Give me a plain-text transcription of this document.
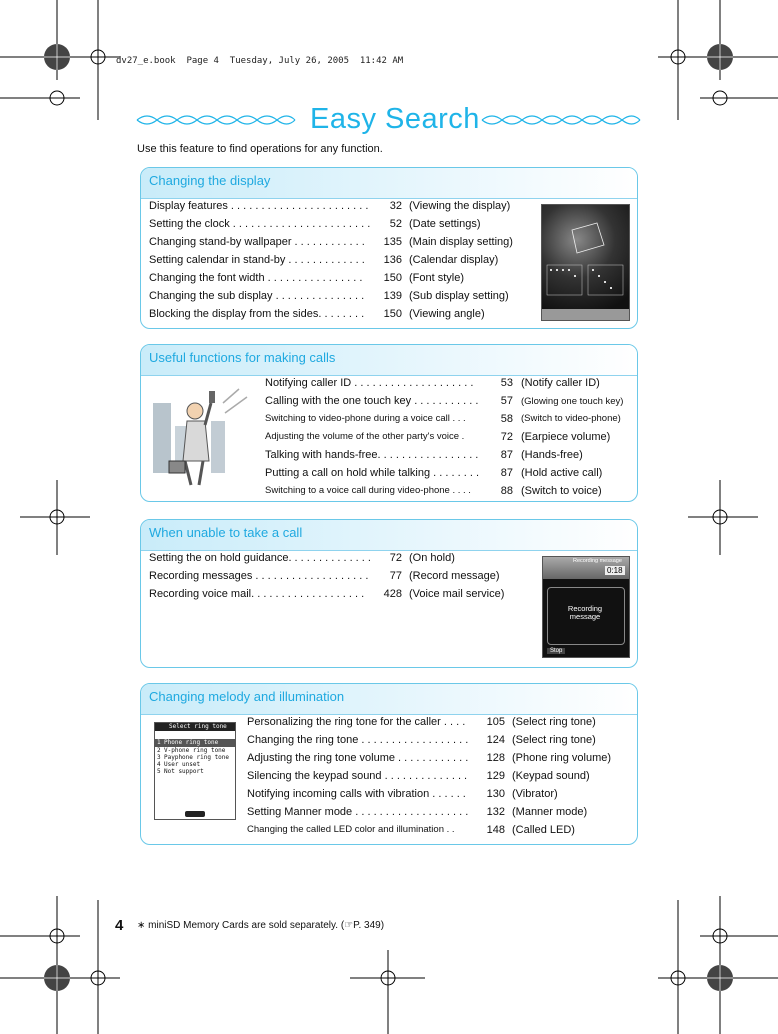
dv27_e.book  Page 4  Tuesday, July 26, 2005  11:42 AM
Easy Search
Use this feature to find operations for any function.
Changing the display
Display features . . . . . . . . . . . . . . . . . . . . . . .	32 (Viewing the display)
Setting the clock . . . . . . . . . . . . . . . . . . . . . . .	52 (Date settings)
Changing stand-by wallpaper . . . . . . . . . . . .	135 (Main display setting)
Setting calendar in stand-by . . . . . . . . . . . . .	136 (Calendar display)
Changing the font width . . . . . . . . . . . . . . . .	150 (Font style)
Changing the sub display . . . . . . . . . . . . . . .	139 (Sub display setting)
Blocking the display from the sides. . . . . . . .	150 (Viewing angle)
Useful functions for making calls
Notifying caller ID . . . . . . . . . . . . . . . . . . . .	53 (Notify caller ID)
Calling with the one touch key . . . . . . . . . . .	57 (Glowing one touch key)
Switching to video-phone during a voice call . . .	58 (Switch to video-phone)
Adjusting the volume of the other party's voice .	72 (Earpiece volume)
Talking with hands-free. . . . . . . . . . . . . . . . .	87 (Hands-free)
Putting a call on hold while talking . . . . . . . .	87 (Hold active call)
Switching to a voice call during video-phone . . . .	88 (Switch to voice)
When unable to take a call
Setting the on hold guidance. . . . . . . . . . . . . .	72 (On hold)
Recording messages . . . . . . . . . . . . . . . . . . .	77 (Record message)
Recording voice mail. . . . . . . . . . . . . . . . . . .	428 (Voice mail service)
Recording message
0:18
Recording message
Stop
Changing melody and illumination
Select ring tone
1 Phone ring tone
2 V-phone ring tone
3 Payphone ring tone
4 User unset
5 Not support
Personalizing the ring tone for the caller . . . .	105 (Select ring tone)
Changing the ring tone . . . . . . . . . . . . . . . . . .	124 (Select ring tone)
Adjusting the ring tone volume . . . . . . . . . . . .	128 (Phone ring volume)
Silencing the keypad sound . . . . . . . . . . . . . .	129 (Keypad sound)
Notifying incoming calls with vibration . . . . . .	130 (Vibrator)
Setting Manner mode . . . . . . . . . . . . . . . . . . .	132 (Manner mode)
Changing the called LED color and illumination . .	148 (Called LED)
4 ∗ miniSD Memory Cards are sold separately. (☞P. 349)
